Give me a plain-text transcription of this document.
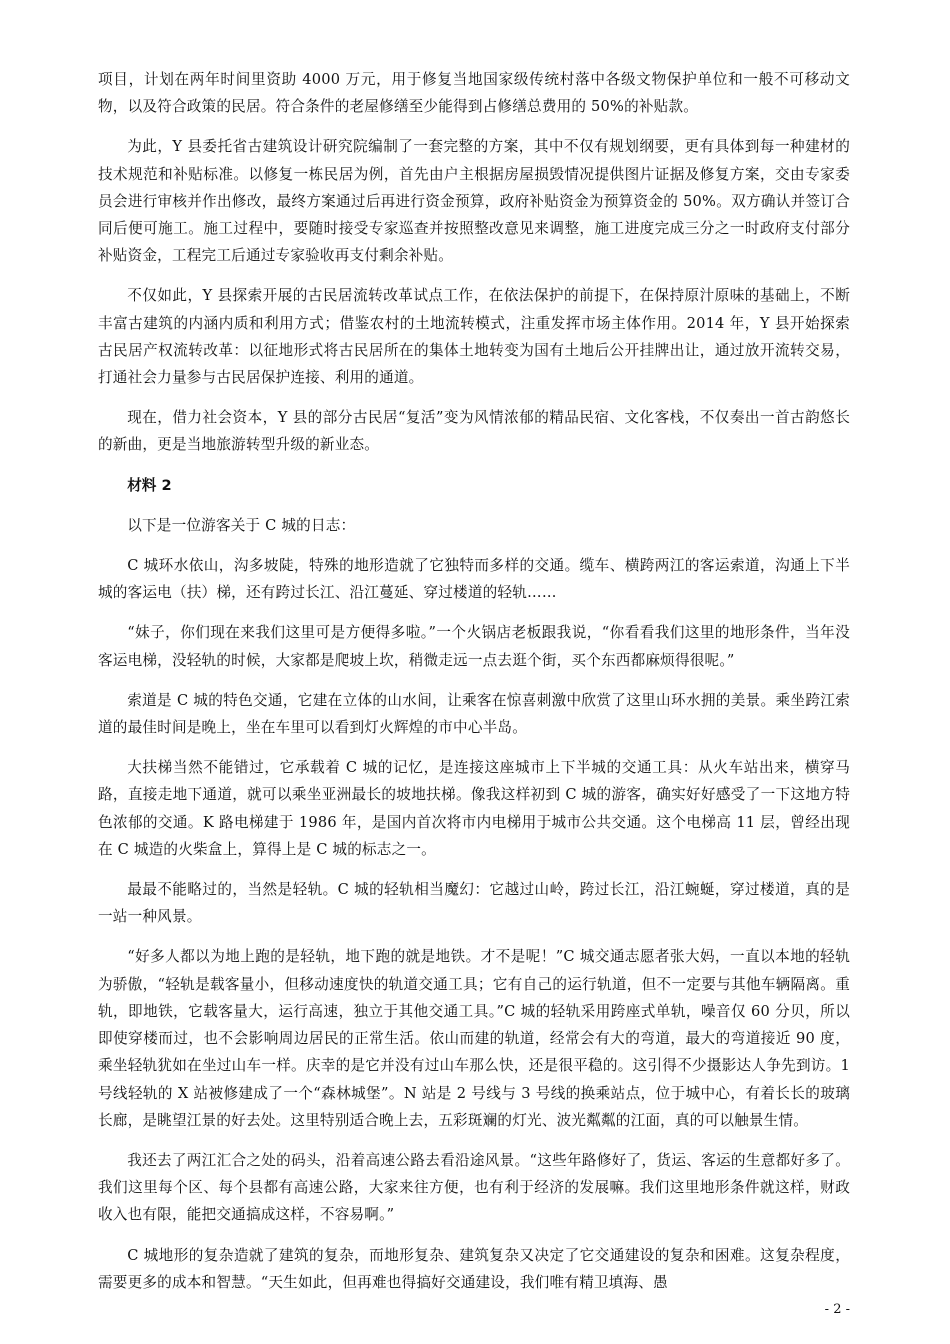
项目，计划在两年时间里资助 4000 万元，用于修复当地国家级传统村落中各级文物保护单位和一般不可移动文物，以及符合政策的民居。符合条件的老屋修缮至少能得到占修缮总费用的 50%的补贴款。

为此，Y 县委托省古建筑设计研究院编制了一套完整的方案，其中不仅有规划纲要，更有具体到每一种建材的技术规范和补贴标准。以修复一栋民居为例，首先由户主根据房屋损毁情况提供图片证据及修复方案，交由专家委员会进行审核并作出修改，最终方案通过后再进行资金预算，政府补贴资金为预算资金的 50%。双方确认并签订合同后便可施工。施工过程中，要随时接受专家巡查并按照整改意见来调整，施工进度完成三分之一时政府支付部分补贴资金，工程完工后通过专家验收再支付剩余补贴。

不仅如此，Y 县探索开展的古民居流转改革试点工作，在依法保护的前提下，在保持原汁原味的基础上，不断丰富古建筑的内涵内质和利用方式；借鉴农村的土地流转模式，注重发挥市场主体作用。2014 年，Y 县开始探索古民居产权流转改革：以征地形式将古民居所在的集体土地转变为国有土地后公开挂牌出让，通过放开流转交易，打通社会力量参与古民居保护连接、利用的通道。

现在，借力社会资本，Y 县的部分古民居“复活”变为风情浓郁的精品民宿、文化客栈，不仅奏出一首古韵悠长的新曲，更是当地旅游转型升级的新业态。

材料 2

以下是一位游客关于 C 城的日志：

C 城环水依山，沟多坡陡，特殊的地形造就了它独特而多样的交通。缆车、横跨两江的客运索道，沟通上下半城的客运电（扶）梯，还有跨过长江、沿江蔓延、穿过楼道的轻轨……

“妹子，你们现在来我们这里可是方便得多啦。”一个火锅店老板跟我说，“你看看我们这里的地形条件，当年没客运电梯，没轻轨的时候，大家都是爬坡上坎，稍微走远一点去逛个街，买个东西都麻烦得很呢。”

索道是 C 城的特色交通，它建在立体的山水间，让乘客在惊喜刺激中欣赏了这里山环水拥的美景。乘坐跨江索道的最佳时间是晚上，坐在车里可以看到灯火辉煌的市中心半岛。

大扶梯当然不能错过，它承载着 C 城的记忆，是连接这座城市上下半城的交通工具：从火车站出来，横穿马路，直接走地下通道，就可以乘坐亚洲最长的坡地扶梯。像我这样初到 C 城的游客，确实好好感受了一下这地方特色浓郁的交通。K 路电梯建于 1986 年，是国内首次将市内电梯用于城市公共交通。这个电梯高 11 层，曾经出现在 C 城造的火柴盒上，算得上是 C 城的标志之一。

最最不能略过的，当然是轻轨。C 城的轻轨相当魔幻：它越过山岭，跨过长江，沿江蜿蜒，穿过楼道，真的是一站一种风景。

“好多人都以为地上跑的是轻轨，地下跑的就是地铁。才不是呢！”C 城交通志愿者张大妈，一直以本地的轻轨为骄傲，“轻轨是载客量小，但移动速度快的轨道交通工具；它有自己的运行轨道，但不一定要与其他车辆隔离。重轨，即地铁，它载客量大，运行高速，独立于其他交通工具。”C 城的轻轨采用跨座式单轨，噪音仅 60 分贝，所以即使穿楼而过，也不会影响周边居民的正常生活。依山而建的轨道，经常会有大的弯道，最大的弯道接近 90 度，乘坐轻轨犹如在坐过山车一样。庆幸的是它并没有过山车那么快，还是很平稳的。这引得不少摄影达人争先到访。1 号线轻轨的 X 站被修建成了一个“森林城堡”。N 站是 2 号线与 3 号线的换乘站点，位于城中心，有着长长的玻璃长廊，是眺望江景的好去处。这里特别适合晚上去，五彩斑斓的灯光、波光粼粼的江面，真的可以触景生情。

我还去了两江汇合之处的码头，沿着高速公路去看沿途风景。“这些年路修好了，货运、客运的生意都好多了。我们这里每个区、每个县都有高速公路，大家来往方便，也有利于经济的发展嘛。我们这里地形条件就这样，财政收入也有限，能把交通搞成这样，不容易啊。”

C 城地形的复杂造就了建筑的复杂，而地形复杂、建筑复杂又决定了它交通建设的复杂和困难。这复杂程度，需要更多的成本和智慧。“天生如此，但再难也得搞好交通建设，我们唯有精卫填海、愚

- 2 -
